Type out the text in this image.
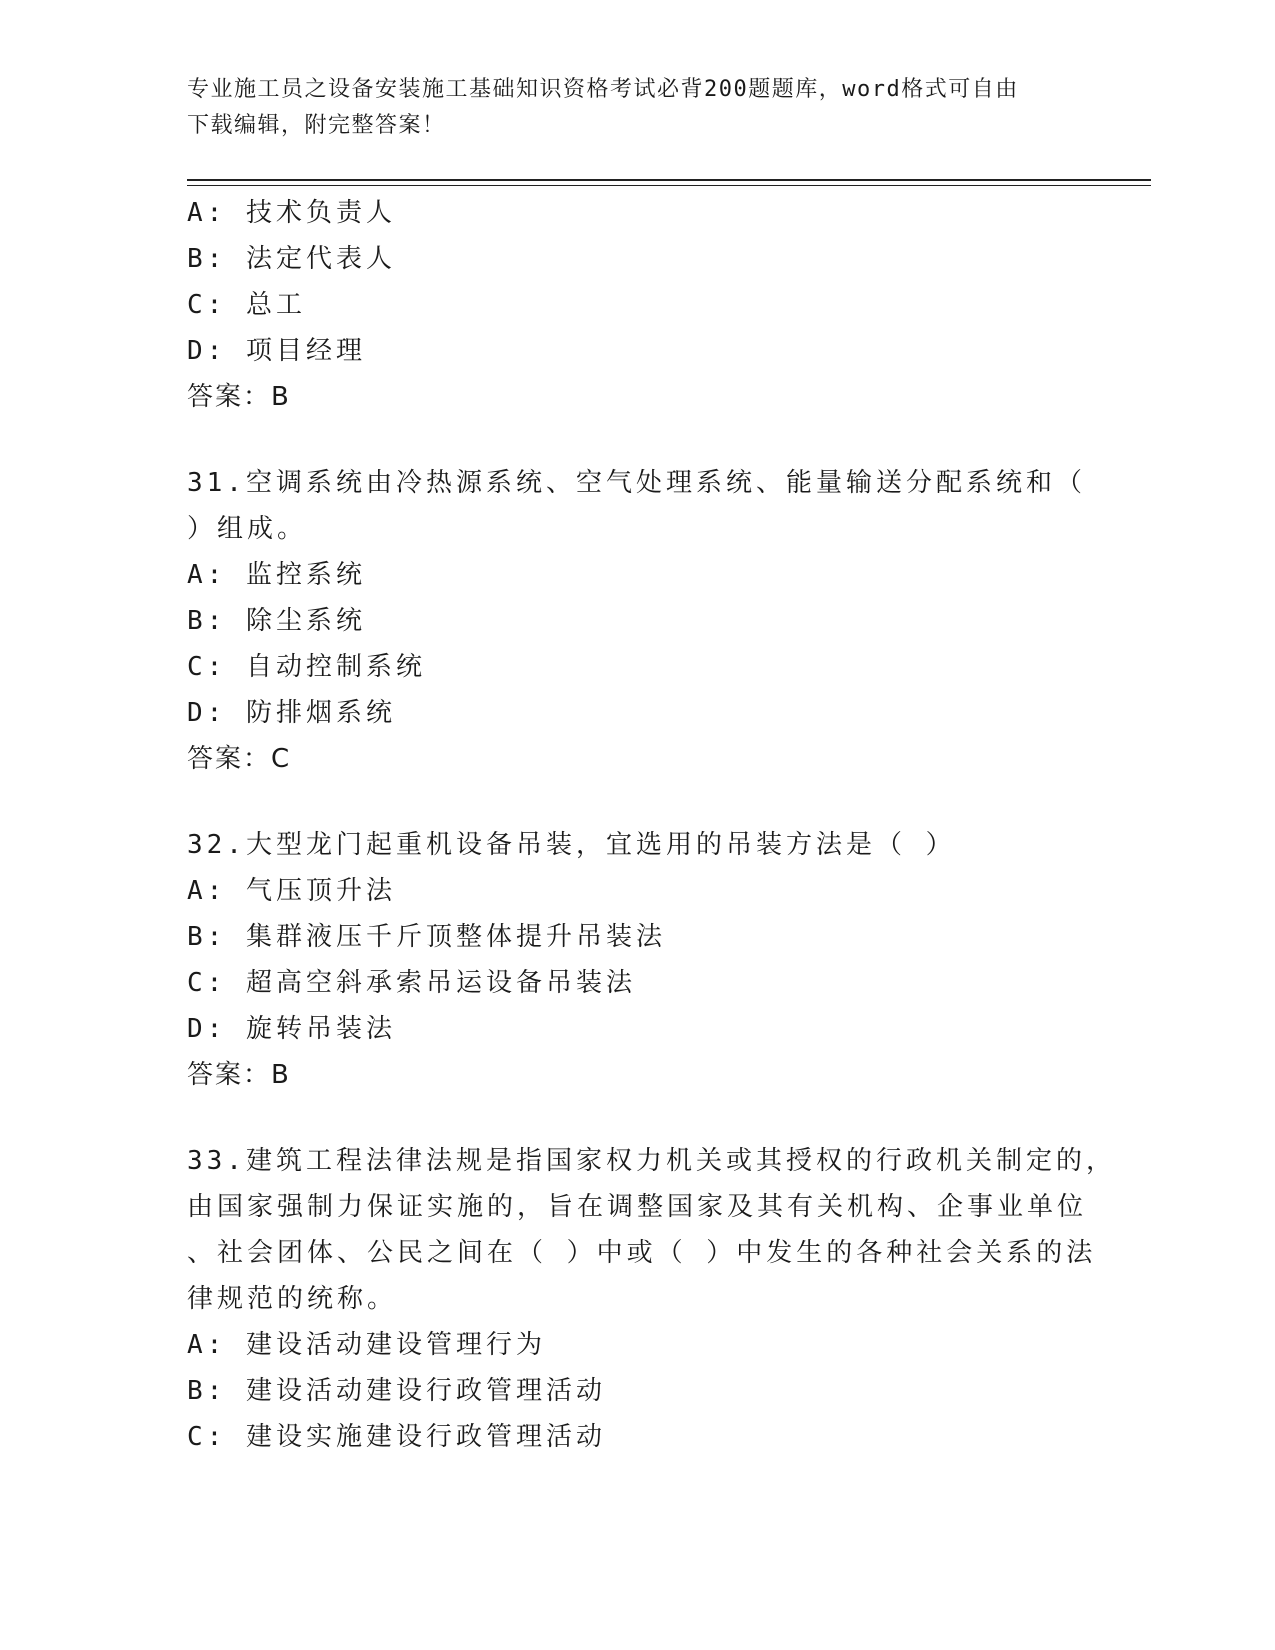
专业施工员之设备安装施工基础知识资格考试必背200题题库，word格式可自由
下载编辑，附完整答案！
A: 技术负责人
B: 法定代表人
C: 总工
D: 项目经理
答案：B
31.空调系统由冷热源系统、空气处理系统、能量输送分配系统和（
）组成。
A: 监控系统
B: 除尘系统
C: 自动控制系统
D: 防排烟系统
答案：C
32.大型龙门起重机设备吊装，宜选用的吊装方法是（ ）
A: 气压顶升法
B: 集群液压千斤顶整体提升吊装法
C: 超高空斜承索吊运设备吊装法
D: 旋转吊装法
答案：B
33.建筑工程法律法规是指国家权力机关或其授权的行政机关制定的，
由国家强制力保证实施的，旨在调整国家及其有关机构、企事业单位
、社会团体、公民之间在（ ）中或（ ）中发生的各种社会关系的法
律规范的统称。
A: 建设活动建设管理行为
B: 建设活动建设行政管理活动
C: 建设实施建设行政管理活动
